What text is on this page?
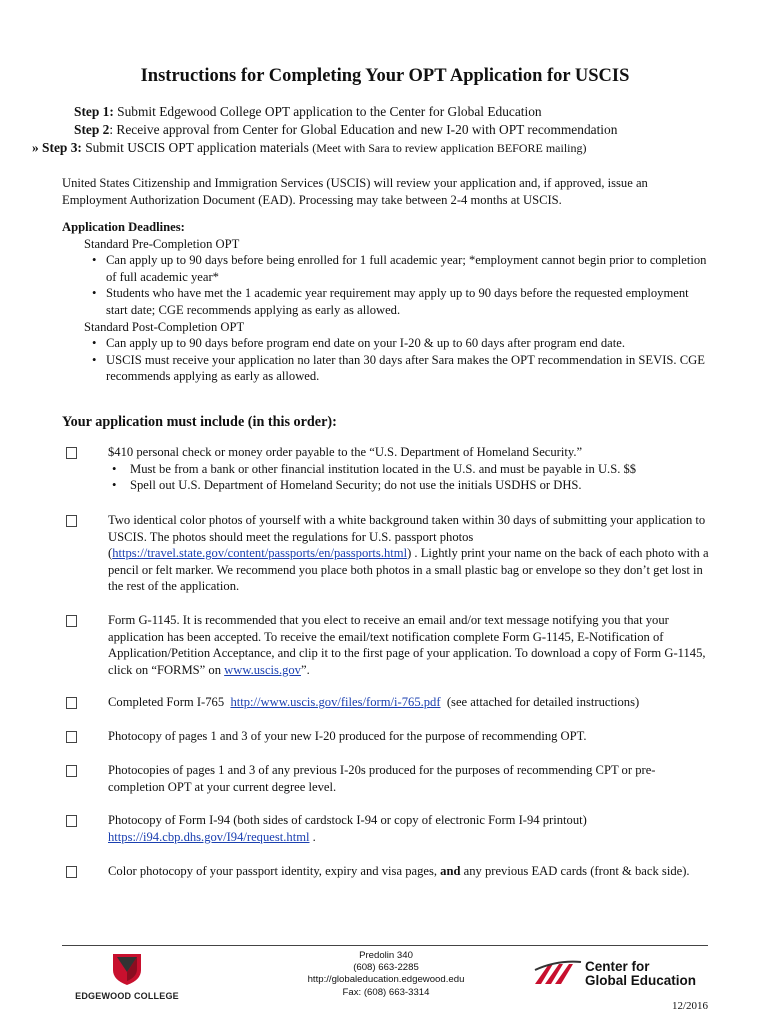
Instructions for Completing Your OPT Application for USCIS
Step 1: Submit Edgewood College OPT application to the Center for Global Education
Step 2: Receive approval from Center for Global Education and new I-20 with OPT recommendation
» Step 3: Submit USCIS OPT application materials (Meet with Sara to review application BEFORE mailing)
United States Citizenship and Immigration Services (USCIS) will review your application and, if approved, issue an Employment Authorization Document (EAD). Processing may take between 2-4 months at USCIS.
Application Deadlines:
Standard Pre-Completion OPT
• Can apply up to 90 days before being enrolled for 1 full academic year; *employment cannot begin prior to completion of full academic year*
• Students who have met the 1 academic year requirement may apply up to 90 days before the requested employment start date; CGE recommends applying as early as allowed.
Standard Post-Completion OPT
• Can apply up to 90 days before program end date on your I-20 & up to 60 days after program end date.
• USCIS must receive your application no later than 30 days after Sara makes the OPT recommendation in SEVIS. CGE recommends applying as early as allowed.
Your application must include (in this order):
$410 personal check or money order payable to the “U.S. Department of Homeland Security.”
• Must be from a bank or other financial institution located in the U.S. and must be payable in U.S. $$
• Spell out U.S. Department of Homeland Security; do not use the initials USDHS or DHS.
Two identical color photos of yourself with a white background taken within 30 days of submitting your application to USCIS. The photos should meet the regulations for U.S. passport photos (https://travel.state.gov/content/passports/en/passports.html) . Lightly print your name on the back of each photo with a pencil or felt marker. We recommend you place both photos in a small plastic bag or envelope so they don’t get lost in the rest of the application.
Form G-1145. It is recommended that you elect to receive an email and/or text message notifying you that your application has been accepted. To receive the email/text notification complete Form G-1145, E-Notification of Application/Petition Acceptance, and clip it to the first page of your application. To download a copy of Form G-1145, click on “FORMS” on www.uscis.gov”.
Completed Form I-765  http://www.uscis.gov/files/form/i-765.pdf  (see attached for detailed instructions)
Photocopy of pages 1 and 3 of your new I-20 produced for the purpose of recommending OPT.
Photocopies of pages 1 and 3 of any previous I-20s produced for the purposes of recommending CPT or pre-completion OPT at your current degree level.
Photocopy of Form I-94 (both sides of cardstock I-94 or copy of electronic Form I-94 printout)
https://i94.cbp.dhs.gov/I94/request.html .
Color photocopy of your passport identity, expiry and visa pages, and any previous EAD cards (front & back side).
EDGEWOOD COLLEGE
Predolin 340
(608) 663-2285
http://globaleducation.edgewood.edu
Fax: (608) 663-3314
Center for
Global Education
12/2016
